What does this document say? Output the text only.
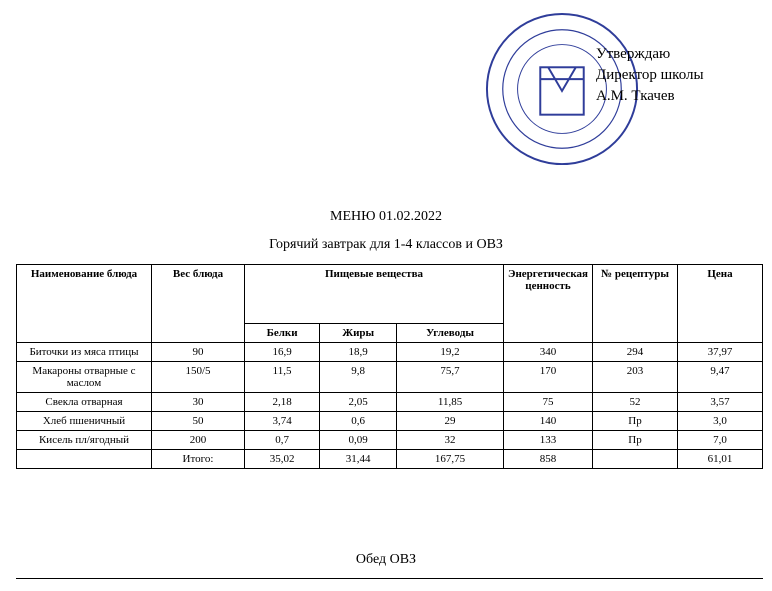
Утверждаю
Директор школы
А.М. Ткачев
МЕНЮ 01.02.2022
Горячий завтрак для 1-4 классов и ОВЗ
Наименование блюда	Вес блюда	Пищевые вещества			Энергетическая ценность	№ рецептуры	Цена
		Белки	Жиры	Углеводы			
Биточки из мяса птицы	90	16,9	18,9	19,2	340	294	37,97
Макароны отварные с маслом	150/5	11,5	9,8	75,7	170	203	9,47
Свекла отварная	30	2,18	2,05	11,85	75	52	3,57
Хлеб пшеничный	50	3,74	0,6	29	140	Пр	3,0
Кисель пл/ягодный	200	0,7	0,09	32	133	Пр	7,0
	Итого:	35,02	31,44	167,75	858		61,01
Обед ОВЗ
